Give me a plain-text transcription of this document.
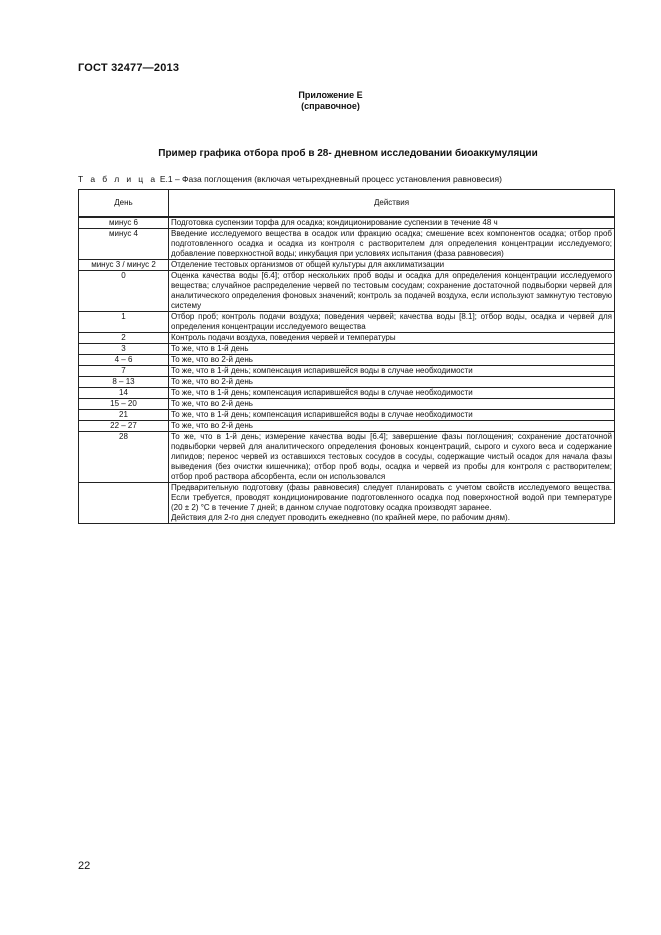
ГОСТ 32477—2013
Приложение Е
(справочное)
Пример графика отбора проб в 28- дневном исследовании биоаккумуляции
Т а б л и ц а Е.1 – Фаза поглощения (включая четырехдневный процесс установления равновесия)
День	Действия
минус 6	Подготовка суспензии торфа для осадка; кондиционирование суспензии в течение 48 ч
минус 4	Введение исследуемого вещества в осадок или фракцию осадка; смешение всех компонентов осадка; отбор проб подготовленного осадка и осадка из контроля с растворителем для определения концентрации исследуемого; добавление поверхностной воды; инкубация при условиях испытания (фаза равновесия)
минус 3 / минус 2	Отделение тестовых организмов от общей культуры для акклиматизации
0	Оценка качества воды [6.4]; отбор нескольких проб воды и осадка для определения концентрации исследуемого вещества; случайное распределение червей по тестовым сосудам; сохранение достаточной подвыборки червей для аналитического определения фоновых значений; контроль за подачей воздуха, если используют замкнутую тестовую систему
1	Отбор проб; контроль подачи воздуха; поведения червей; качества воды [8.1]; отбор воды, осадка и червей для определения концентрации исследуемого вещества
2	Контроль подачи воздуха, поведения червей и температуры
3	То же, что в 1-й день
4 – 6	То же, что во 2-й день
7	То же, что в 1-й день; компенсация испарившейся воды в случае необходимости
8 – 13	То же, что во 2-й день
14	То же, что в 1-й день; компенсация испарившейся воды в случае необходимости
15 – 20	То же, что во 2-й день
21	То же, что в 1-й день; компенсация испарившейся воды в случае необходимости
22 – 27	То же, что во 2-й день
28	То же, что в 1-й день; измерение качества воды [6.4]; завершение фазы поглощения; сохранение достаточной подвыборки червей для аналитического определения фоновых концентраций, сырого и сухого веса и содержание липидов; перенос червей из оставшихся тестовых сосудов в сосуды, содержащие чистый осадок для начала фазы выведения (без очистки кишечника); отбор проб воды, осадка и червей из пробы для контроля с растворителем; отбор проб раствора абсорбента, если он использовался

	Предварительную подготовку (фазы равновесия) следует планировать с учетом свойств исследуемого вещества. Если требуется, проводят кондиционирование подготовленного осадка под поверхностной водой при температуре (20 ± 2) °С в течение 7 дней; в данном случае подготовку осадка производят заранее.
Действия для 2-го дня следует проводить ежедневно (по крайней мере, по рабочим дням).
22
